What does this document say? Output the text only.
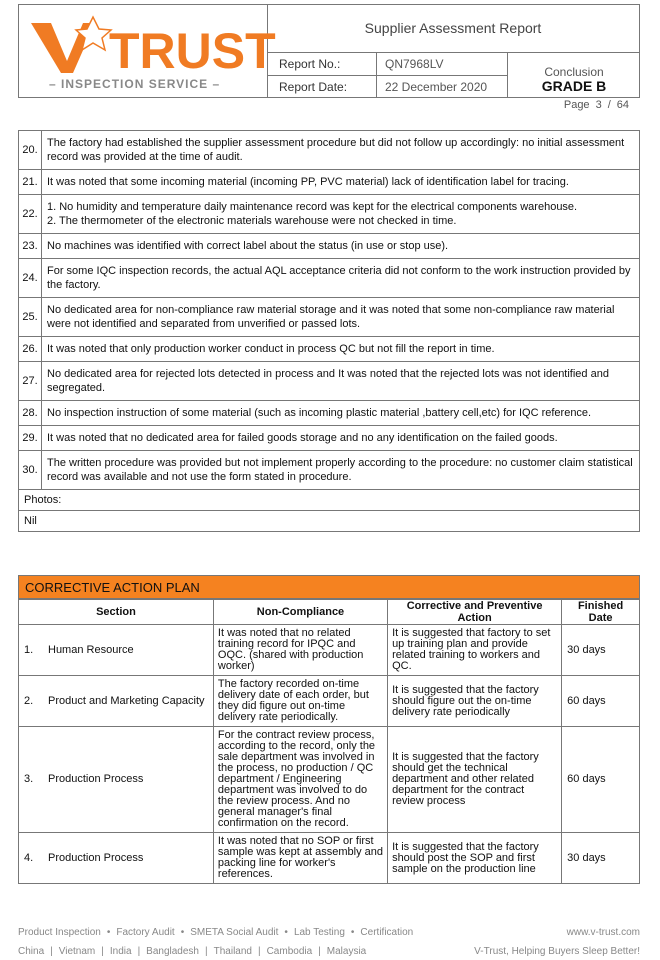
TRUST
– INSPECTION SERVICE –
Supplier Assessment Report
Report No.:	QN7968LV
Report Date:	22 December 2020
Conclusion
GRADE B
Page 3 / 64
20.	The factory had established the supplier assessment procedure but did not follow up accordingly: no initial assessment record was provided at the time of audit.
21.	It was noted that some incoming material (incoming PP, PVC material) lack of identification label for tracing.
22.	1. No humidity and temperature daily maintenance record was kept for the electrical components warehouse.
2. The thermometer of the electronic materials warehouse were not checked in time.
23.	No machines was identified with correct label about the status (in use or stop use).
24.	For some IQC inspection records, the actual AQL acceptance criteria did not conform to the work instruction provided by the factory.
25.	No dedicated area for non-compliance raw material storage and it was noted that some non-compliance raw material were not identified and separated from unverified or passed lots.
26.	It was noted that only production worker conduct in process QC but not fill the report in time.
27.	No dedicated area for rejected lots detected in process and It was noted that the rejected lots was not identified and segregated.
28.	No inspection instruction of some material (such as incoming plastic material ,battery cell,etc) for IQC reference.
29.	It was noted that no dedicated area for failed goods storage and no any identification on the failed goods.
30.	The written procedure was provided but not implement properly according to the procedure: no customer claim statistical record was available and not use the form stated in procedure.
Photos:	
Nil	
CORRECTIVE ACTION PLAN
Section	Non-Compliance	Corrective and Preventive Action	Finished Date
1. Human Resource	It was noted that no related training record for IPQC and OQC. (shared with production worker)	It is suggested that factory to set up training plan and provide related training to workers and QC.	30 days
2. Product and Marketing Capacity	The factory recorded on-time delivery date of each order, but they did figure out on-time delivery rate periodically.	It is suggested that the factory should figure out the on-time delivery rate periodically	60 days
3. Production Process	For the contract review process, according to the record, only the sale department was involved in the process, no production / QC department / Engineering department was involved to do the review process. And no general manager's final confirmation on the record.	It is suggested that the factory should get the technical department and other related department for the contract review process	60 days
4. Production Process	It was noted that no SOP or first sample was kept at assembly and packing line for worker's references.	It is suggested that the factory should post the SOP and first sample on the production line	30 days
Product Inspection • Factory Audit • SMETA Social Audit • Lab Testing • Certification	www.v-trust.com
China | Vietnam | India | Bangladesh | Thailand | Cambodia | Malaysia	V-Trust, Helping Buyers Sleep Better!
